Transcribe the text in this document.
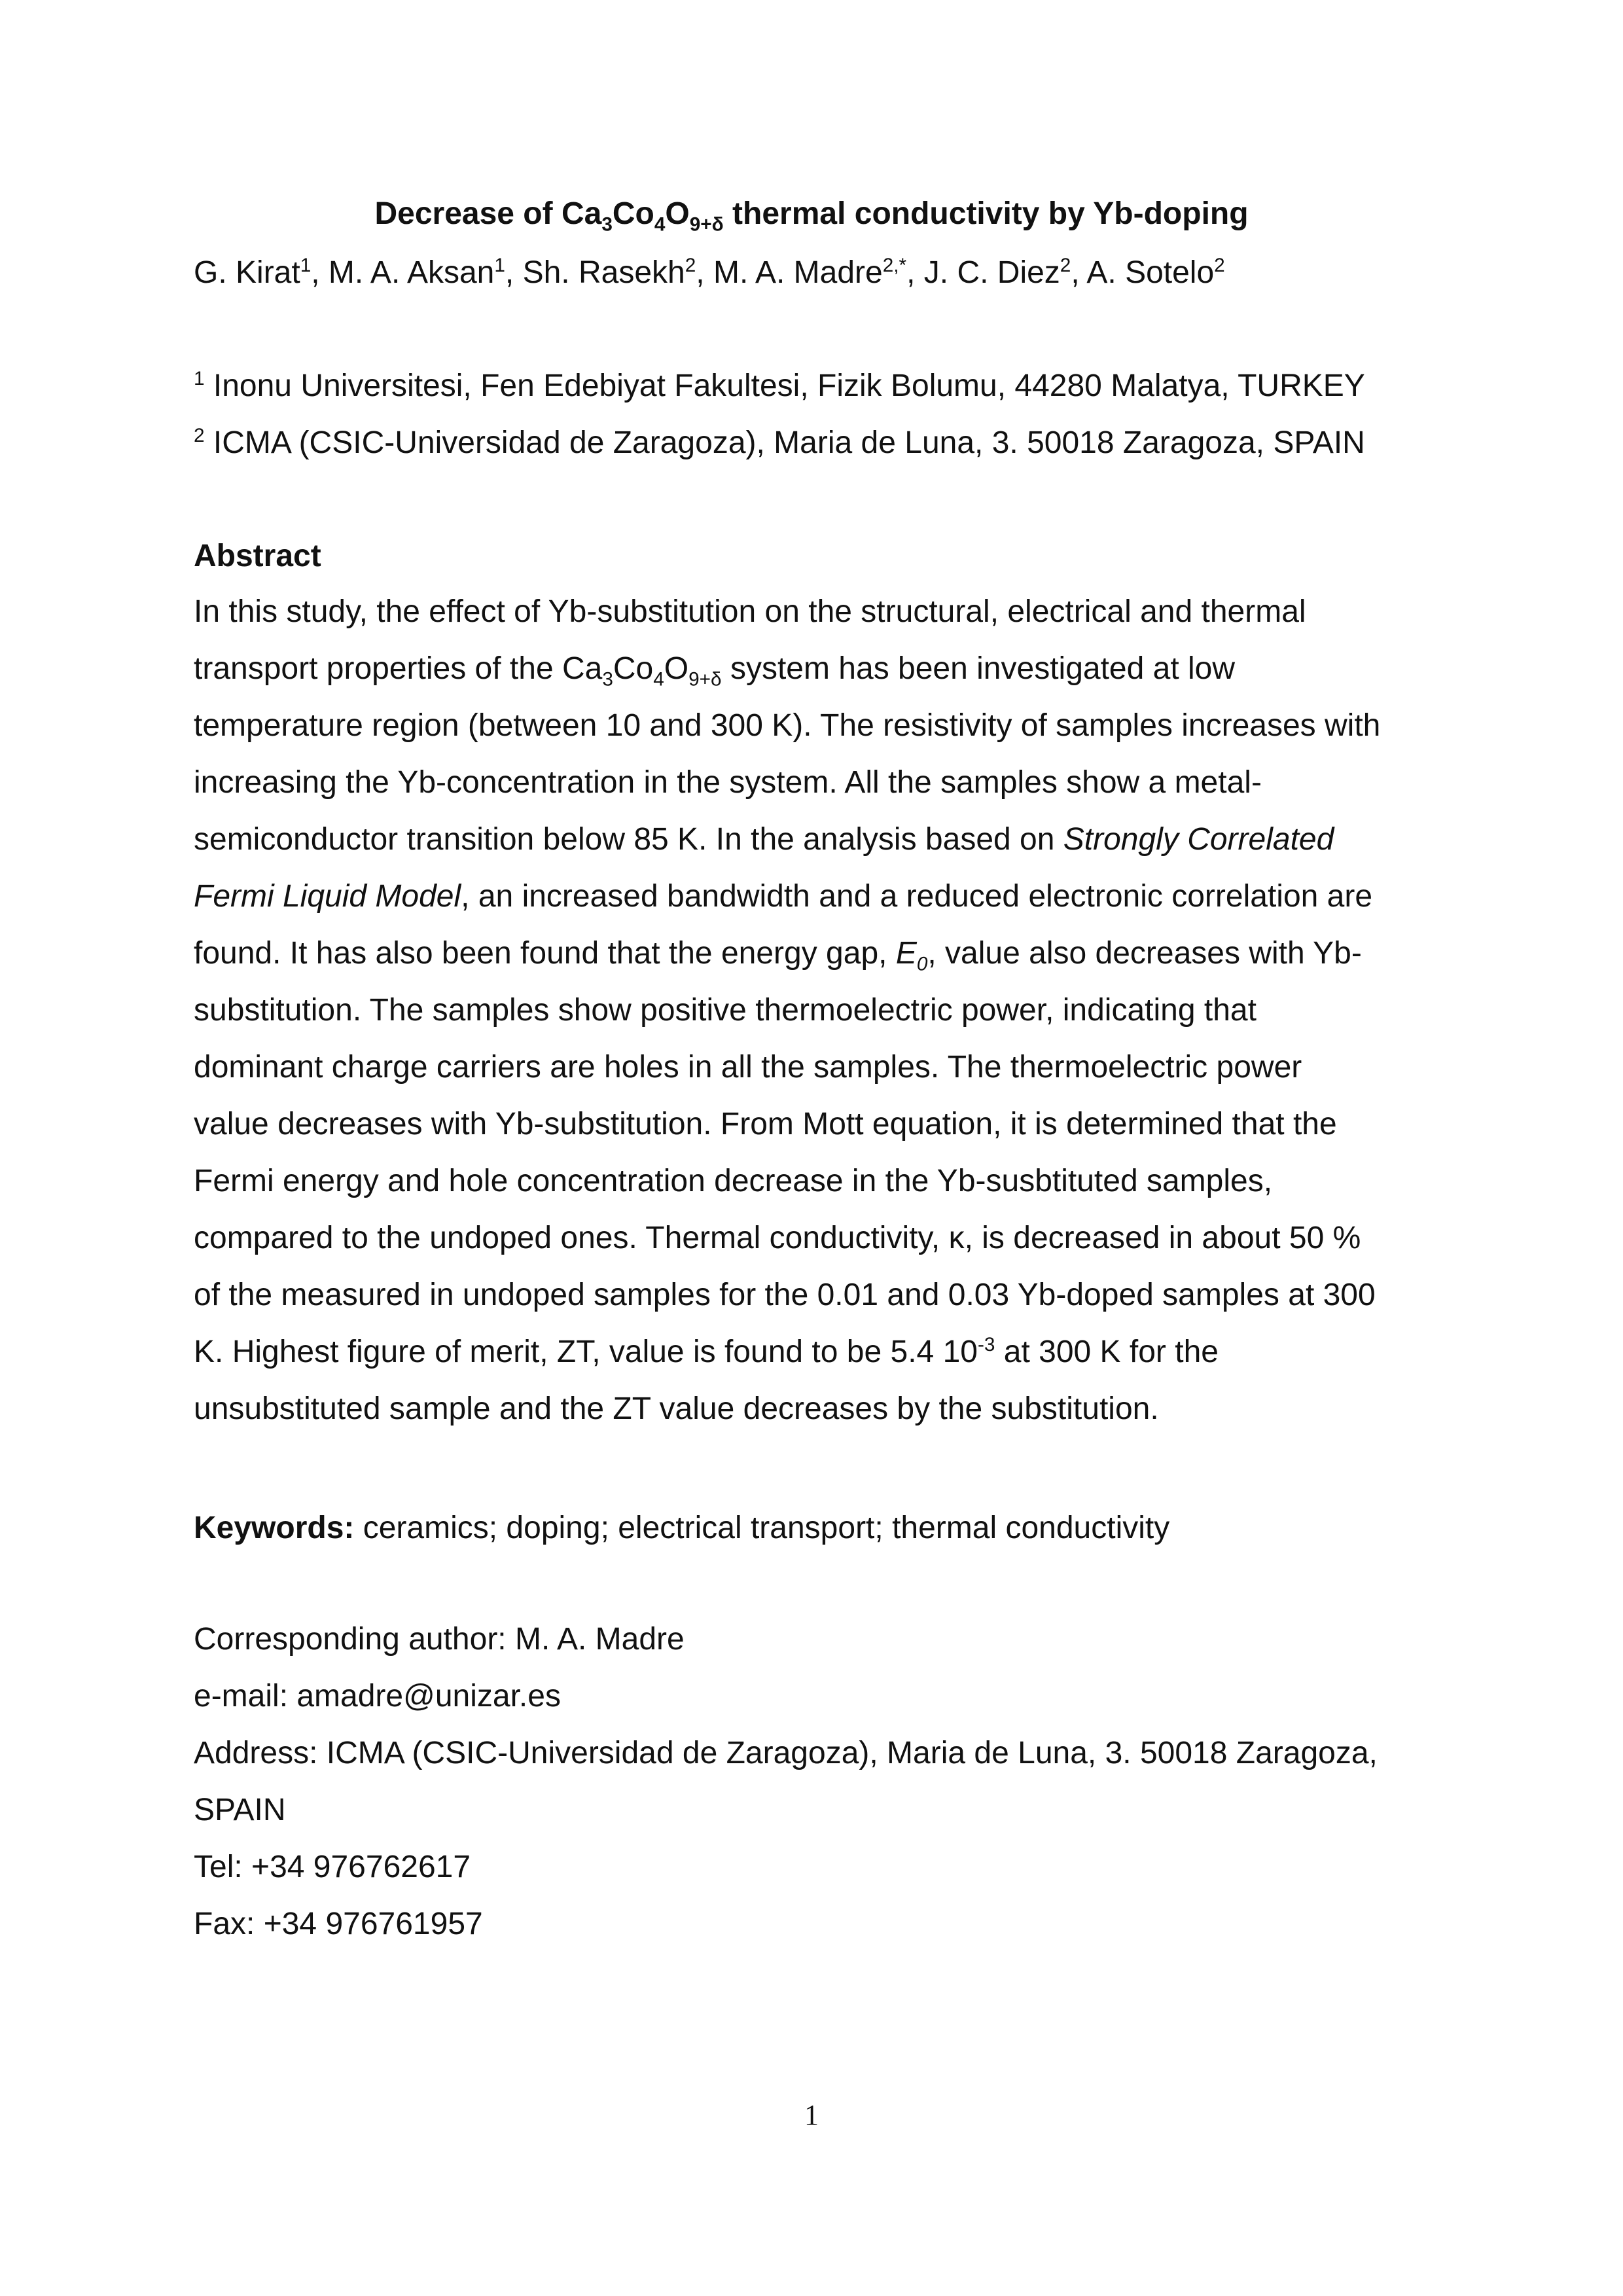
Decrease of $Ca_3Co_4O_{9+\delta}$ thermal conductivity by Yb-doping

G. Kirat$^1$, M. A. Aksan$^1$, Sh. Rasekh$^2$, M. A. Madre$^{2,*}$, J. C. Diez$^2$, A. Sotelo$^2$

$^1$ Inonu Universitesi, Fen Edebiyat Fakultesi, Fizik Bolumu, 44280 Malatya, TURKEY

$^2$ ICMA (CSIC-Universidad de Zaragoza), Maria de Luna, 3. 50018 Zaragoza, SPAIN

Abstract
In this study, the effect of Yb-substitution on the structural, electrical and thermal
transport properties of the $Ca_3Co_4O_{9+\delta}$ system has been investigated at low
temperature region (between 10 and 300 K). The resistivity of samples increases with
increasing the Yb-concentration in the system. All the samples show a metal-
semiconductor transition below 85 K. In the analysis based on Strongly Correlated
Fermi Liquid Model, an increased bandwidth and a reduced electronic correlation are
found. It has also been found that the energy gap, $E_0$, value also decreases with Yb-
substitution. The samples show positive thermoelectric power, indicating that
dominant charge carriers are holes in all the samples. The thermoelectric power
value decreases with Yb-substitution. From Mott equation, it is determined that the
Fermi energy and hole concentration decrease in the Yb-susbtituted samples,
compared to the undoped ones. Thermal conductivity, κ, is decreased in about 50 %
of the measured in undoped samples for the 0.01 and 0.03 Yb-doped samples at 300
K. Highest figure of merit, ZT, value is found to be 5.4 $10^{-3}$ at 300 K for the
unsubstituted sample and the ZT value decreases by the substitution.

Keywords: ceramics; doping; electrical transport; thermal conductivity

Corresponding author: M. A. Madre
e-mail: amadre@unizar.es
Address: ICMA (CSIC-Universidad de Zaragoza), Maria de Luna, 3. 50018 Zaragoza,
SPAIN
Tel: +34 976762617
Fax: +34 976761957
1
